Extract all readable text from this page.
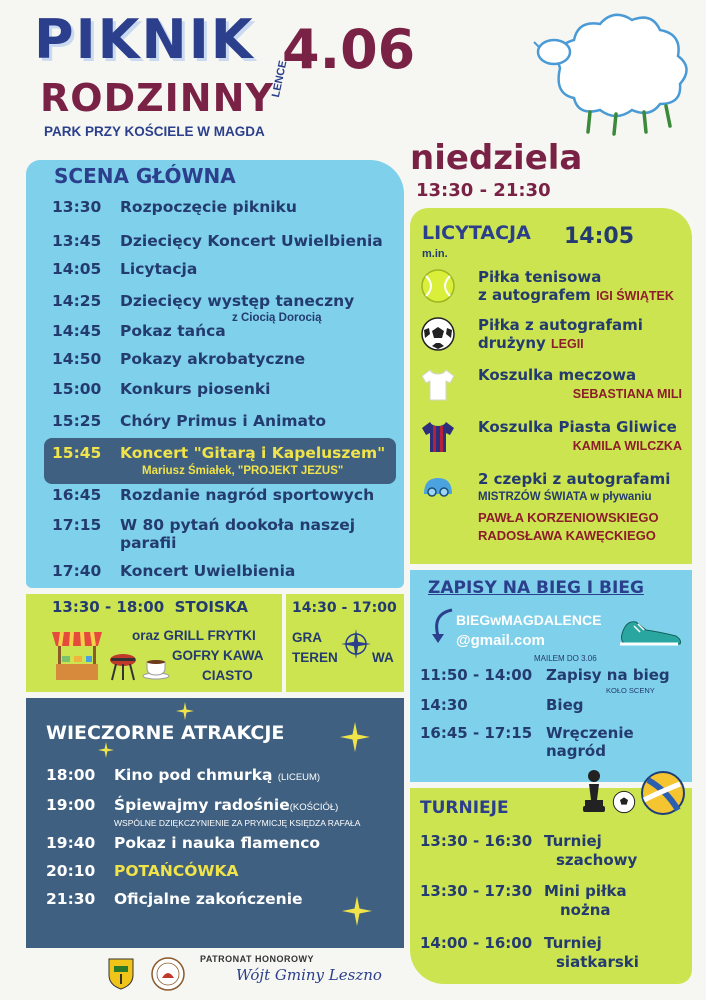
PIKNIK 4.06
RODZINNY
PARK PRZY KOŚCIELE W MAGDA
LENCE
niedziela
13:30 - 21:30
SCENA GŁÓWNA
13:30 Rozpoczęcie pikniku
13:45 Dziecięcy Koncert Uwielbienia
14:05 Licytacja
14:25 Dziecięcy występ taneczny
z Ciocią Dorocią
14:45 Pokaz tańca
14:50 Pokazy akrobatyczne
15:00 Konkurs piosenki
15:25 Chóry Primus i Animato
15:45 Koncert "Gitarą i Kapeluszem"
Mariusz Śmiałek, "PROJEKT JEZUS"
16:45 Rozdanie nagród sportowych
17:15 W 80 pytań dookoła naszej parafii
17:40 Koncert Uwielbienia
LICYTACJA 14:05
m.in.
Piłka tenisowa
z autografem IGI ŚWIĄTEK
Piłka z autografami
drużyny LEGII
Koszulka meczowa
SEBASTIANA MILI
Koszulka Piasta Gliwice
KAMILA WILCZKA
2 czepki z autografami
MISTRZÓW ŚWIATA w pływaniu
PAWŁA KORZENIOWSKIEGO
RADOSŁAWA KAWĘCKIEGO
13:30 - 18:00 STOISKA
oraz GRILL FRYTKI
GOFRY KAWA
CIASTO
14:30 - 17:00
GRA
TEREN	WA
WIECZORNE ATRAKCJE
18:00 Kino pod chmurką (LICEUM)
19:00 Śpiewajmy radośnie(KOŚCIÓŁ)
WSPÓLNE DZIĘKCZYNIENIE ZA PRYMICJĘ KSIĘDZA RAFAŁA
19:40 Pokaz i nauka flamenco
20:10 POTAŃCÓWKA
21:30 Oficjalne zakończenie
ZAPISY NA BIEG I BIEG
BIEGwMAGDALENCE
@gmail.com
MAILEM DO 3.06
11:50 - 14:00 Zapisy na bieg
KOŁO SCENY
14:30	Bieg
16:45 - 17:15 Wręczenie nagród
TURNIEJE
13:30 - 16:30 Turniej
szachowy
13:30 - 17:30 Mini piłka
nożna
14:00 - 16:00 Turniej
siatkarski
PATRONAT HONOROWY
Wójt Gminy Leszno
